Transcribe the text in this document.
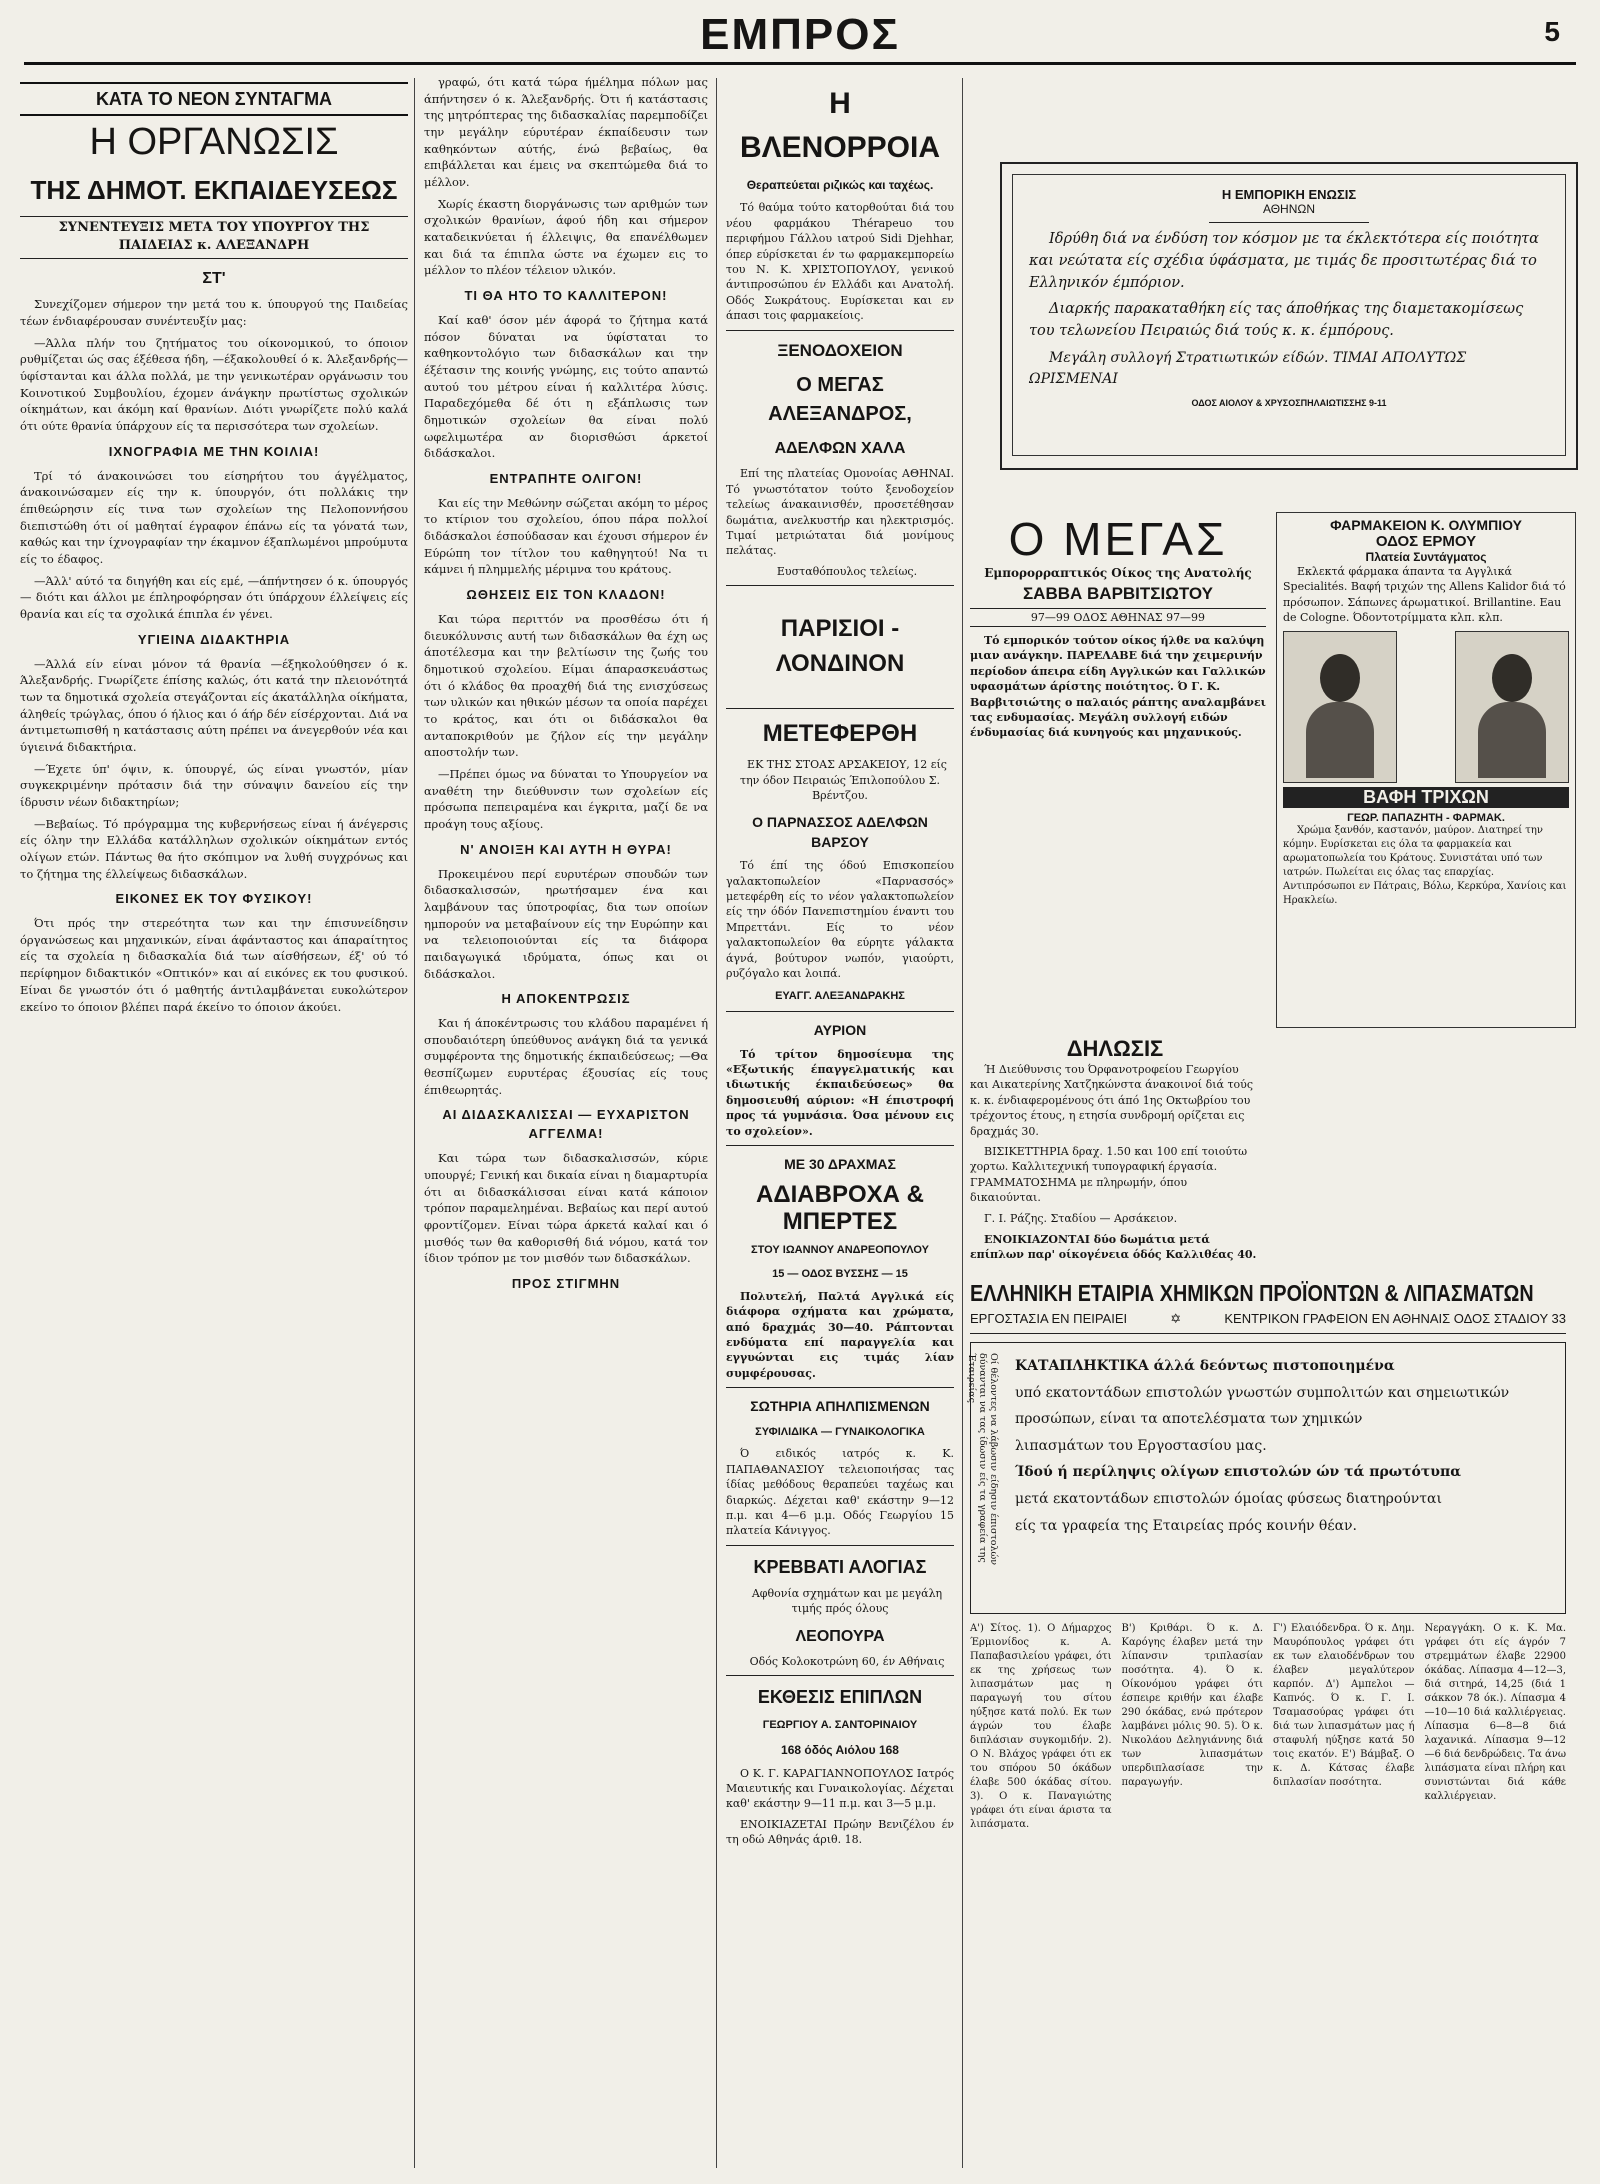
ΕΜΠΡΟΣ	5
ΚΑΤΑ ΤΟ ΝΕΟΝ ΣΥΝΤΑΓΜΑ
Η ΟΡΓΑΝΩΣΙΣ
ΤΗΣ ΔΗΜΟΤ. ΕΚΠΑΙΔΕΥΣΕΩΣ
ΣΥΝΕΝΤΕΥΞΙΣ ΜΕΤΑ ΤΟΥ ΥΠΟΥΡΓΟΥ ΤΗΣ ΠΑΙΔΕΙΑΣ κ. ΑΛΕΞΑΝΔΡΗ
ΣΤ'

Συνεχίζομεν σήμερον την μετά του κ. ύπουργού της Παιδείας τέων ένδιαφέρουσαν συνέντευξίν μας:

—Άλλα πλήν του ζητήματος του οίκονομικού, το όποιον ρυθμίζεται ώς σας έξέθεσα ήδη, —έξακολουθεί ό κ. Άλεξανδρής— ύφίστανται και άλλα πολλά, με την γενικωτέραν οργάνωσιν του Κοινοτικού Συμβουλίου, έχομεν άνάγκην πρωτίστως σχολικών οίκημάτων, και άκόμη καί θρανίων. Διότι γνωρίζετε πολύ καλά ότι ούτε θρανία ύπάρχουν είς τα περισσότερα των σχολείων.

ΙΧΝΟΓΡΑΦΙΑ ΜΕ ΤΗΝ ΚΟΙΛΙΑ!

Τρί τό άνακοινώσει του είσηρήτου του άγγέλματος, άνακοινώσαμεν είς την κ. ύπουργόν, ότι πολλάκις την έπιθεώρησιν είς τινα των σχολείων της Πελοποννήσου διεπιστώθη ότι οί μαθηταί έγραφον έπάνω είς τα γόνατά των, καθώς και την ίχνογραφίαν την έκαμνον έξαπλωμένοι μπρούμυτα είς το έδαφος.

—Άλλ' αύτό τα διηγήθη και είς εμέ, —άπήντησεν ό κ. ύπουργός— διότι και άλλοι με έπληροφόρησαν ότι ύπάρχουν έλλείψεις είς θρανία και είς τα σχολικά έπιπλα έν γένει.

ΥΓΙΕΙΝΑ ΔΙΔΑΚΤΗΡΙΑ

—Άλλά είν είναι μόνον τά θρανία —έξηκολούθησεν ό κ. Άλεξανδρής. Γνωρίζετε έπίσης καλώς, ότι κατά την πλειονότητά των τα δημοτικά σχολεία στεγάζονται είς άκατάλληλα οίκήματα, άληθείς τρώγλας, όπου ό ήλιος και ό άήρ δέν είσέρχονται. Διά να άντιμετωπισθή η κατάστασις αύτη πρέπει να άνεγερθούν νέα και ύγιεινά διδακτήρια.

—Έχετε ύπ' όψιν, κ. ύπουργέ, ώς είναι γνωστόν, μίαν συγκεκριμένην πρότασιν διά την σύναψιν δανείου είς την ίδρυσιν νέων διδακτηρίων;

—Βεβαίως. Τό πρόγραμμα της κυβερνήσεως είναι ή άνέγερσις είς όλην την Ελλάδα κατάλληλων σχολικών οίκημάτων εντός ολίγων ετών. Πάντως θα ήτο σκόπιμον να λυθή συγχρόνως και το ζήτημα της έλλείψεως διδασκάλων.

ΕΙΚΟΝΕΣ ΕΚ ΤΟΥ ΦΥΣΙΚΟΥ!

Ότι πρός την στερεότητα των και την έπισυνείδησιν όργανώσεως και μηχανικών, είναι άφάνταστος και άπαραίτητος είς τα σχολεία η διδασκαλία διά των αίσθήσεων, έξ' ού τό περίφημον διδακτικόν «Οπτικόν» και αί εικόνες εκ του φυσικού. Είναι δε γνωστόν ότι ό μαθητής άντιλαμβάνεται ευκολώτερον εκείνο το όποιον βλέπει παρά έκείνο το όποιον άκούει.

γραφώ, ότι κατά τώρα ήμέλημα πόλων μας άπήντησεν ό κ. Άλεξανδρής. Ότι ή κατάστασις της μητρόπτερας της διδασκαλίας παρεμποδίζει την μεγάλην εύρυτέραν έκπαίδευσιν των καθηκόντων αύτής, ένώ βεβαίως, θα επιβάλλεται και έμεις να σκεπτώμεθα διά το μέλλον.

Χωρίς έκαστη διοργάνωσις των αριθμών των σχολικών θρανίων, άφού ήδη και σήμερον καταδεικνύεται ή έλλειψις, θα επανέλθωμεν και διά τα έπιπλα ώστε να έχωμεν εις το μέλλον το πλέον τέλειον υλικόν.

ΤΙ ΘΑ ΗΤΟ ΤΟ ΚΑΛΛΙΤΕΡΟΝ!

Καί καθ' όσον μέν άφορά το ζήτημα κατά πόσον δύναται να ύφίσταται το καθηκοντολόγιο των διδασκάλων και την έξέτασιν της κοινής γνώμης, εις τούτο απαντώ αυτού του μέτρου είναι ή καλλιτέρα λύσις. Παραδεχόμεθα δέ ότι η εξάπλωσις των δημοτικών σχολείων θα είναι πολύ ωφελιμωτέρα αν διορισθώσι άρκετοί διδάσκαλοι.

ΕΝΤΡΑΠΗΤΕ ΟΛΙΓΟΝ!

Και είς την Μεθώνην σώζεται ακόμη το μέρος το κτίριον του σχολείου, όπου πάρα πολλοί διδάσκαλοι έσπούδασαν και έχουσι σήμερον έν Εύρώπη τον τίτλον του καθηγητού! Να τι κάμνει ή πλημμελής μέριμνα του κράτους.

ΩΘΗΣΕΙΣ ΕΙΣ ΤΟΝ ΚΛΑΔΟΝ!

Και τώρα περιττόν να προσθέσω ότι ή διευκόλυνσις αυτή των διδασκάλων θα έχη ως άποτέλεσμα και την βελτίωσιν της ζωής του δημοτικού σχολείου. Είμαι άπαρασκευάστως ότι ό κλάδος θα προαχθή διά της ενισχύσεως των υλικών και ηθικών μέσων τα οποία παρέχει το κράτος, και ότι οι διδάσκαλοι θα ανταποκριθούν με ζήλον είς την μεγάλην αποστολήν των.

—Πρέπει όμως να δύναται το Υπουργείον να αναθέτη την διεύθυνσιν των σχολείων είς πρόσωπα πεπειραμένα και έγκριτα, μαζί δε να προάγη τους αξίους.

Ν' ΑΝΟΙΞΗ ΚΑΙ ΑΥΤΗ Η ΘΥΡΑ!

Προκειμένου περί ευρυτέρων σπουδών των διδασκαλισσών, ηρωτήσαμεν ένα και λαμβάνουν τας ύποτροφίας, δια των οποίων ημπορούν να μεταβαίνουν είς την Ευρώπην και να τελειοποιούνται είς τα διάφορα παιδαγωγικά ιδρύματα, όπως και οι διδάσκαλοι.

Η ΑΠΟΚΕΝΤΡΩΣΙΣ

Και ή άποκέντρωσις του κλάδου παραμένει ή σπουδαιότερη ύπεύθυνος ανάγκη διά τα γενικά συμφέροντα της δημοτικής έκπαιδεύσεως; —Θα θεσπίζωμεν ευρυτέρας έξουσίας είς τους έπιθεωρητάς.

ΑΙ ΔΙΔΑΣΚΑΛΙΣΣΑΙ — ΕΥΧΑΡΙΣΤΟΝ ΑΓΓΕΛΜΑ!

Και τώρα των διδασκαλισσών, κύριε υπουργέ; Γενική και δικαία είναι η διαμαρτυρία ότι αι διδασκάλισσαι είναι κατά κάποιον τρόπον παραμελημέναι. Βεβαίως και περί αυτού φροντίζομεν. Είναι τώρα άρκετά καλαί και ό μισθός των θα καθορισθή διά νόμου, κατά τον ίδιον τρόπον με τον μισθόν των διδασκάλων.

ΠΡΟΣ ΣΤΙΓΜΗΝ
Η ΒΛΕΝΟΡΡΟΙΑ
Θεραπεύεται ριζικώς και ταχέως.

Τό θαύμα τούτο κατορθούται διά του νέου φαρμάκου Thérapeuo του περιφήμου Γάλλου ιατρού Sidi Djehhar, όπερ εύρίσκεται έν τω φαρμακεμπορείω του Ν. Κ. ΧΡΙΣΤΟΠΟΥΛΟΥ, γενικού άντιπροσώπου έν Ελλάδι και Ανατολή. Οδός Σωκράτους. Ευρίσκεται και εν άπασι τοις φαρμακείοις.

ΞΕΝΟΔΟΧΕΙΟΝ
Ο ΜΕΓΑΣ ΑΛΕΞΑΝΔΡΟΣ,
ΑΔΕΛΦΩΝ ΧΑΛΑ

Επί της πλατείας Ομονοίας ΑΘΗΝΑΙ. Τό γνωστότατον τούτο ξενοδοχείον τελείως άνακαινισθέν, προσετέθησαν δωμάτια, ανελκυστήρ και ηλεκτρισμός. Τιμαί μετριώταται διά μονίμους πελάτας.

Ευσταθόπουλος τελείως.

ΠΑΡΙΣΙΟΙ - ΛΟΝΔΙΝΟΝ
ΜΕΤΕΦΕΡΘΗ

ΕΚ ΤΗΣ ΣΤΟΑΣ ΑΡΣΑΚΕΙΟΥ, 12 είς την όδον Πειραιώς Έπιλοπούλου Σ. Βρέντζου.

Ο ΠΑΡΝΑΣΣΟΣ ΑΔΕΛΦΩΝ ΒΑΡΣΟΥ

Τό έπί της όδού Επισκοπείου γαλακτοπωλείον «Παρνασσός» μετεφέρθη είς το νέον γαλακτοπωλείον είς την όδόν Πανεπιστημίου έναντι του Μπρεττάνι. Είς το νέον γαλακτοπωλείον θα εύρητε γάλακτα άγνά, βούτυρον νωπόν, γιαούρτι, ρυζόγαλο και λοιπά.

ΕΥΑΓΓ. ΑΛΕΞΑΝΔΡΑΚΗΣ
ΑΥΡΙΟΝ

Τό τρίτον δημοσίευμα της «Εξωτικής έπαγγελματικής και ιδιωτικής έκπαιδεύσεως» θα δημοσιευθή αύριον: «Η έπιστροφή προς τά γυμνάσια. Όσα μένουν εις το σχολείον».

ΜΕ 30 ΔΡΑΧΜΑΣ
ΑΔΙΑΒΡΟΧΑ & ΜΠΕΡΤΕΣ
ΣΤΟΥ ΙΩΑΝΝΟΥ ΑΝΔΡΕΟΠΟΥΛΟΥ
15 — ΟΔΟΣ ΒΥΣΣΗΣ — 15

Πολυτελή, Παλτά Αγγλικά είς διάφορα σχήματα και χρώματα, από δραχμάς 30—40. Ράπτονται ενδύματα επί παραγγελία και εγγυώνται εις τιμάς λίαν συμφέρουσας.

ΣΩΤΗΡΙΑ ΑΠΗΛΠΙΣΜΕΝΩΝ
ΣΥΦΙΛΙΔΙΚΑ — ΓΥΝΑΙΚΟΛΟΓΙΚΑ

Ό ειδικός ιατρός κ. Κ. ΠΑΠΑΘΑΝΑΣΙΟΥ τελειοποιήσας τας ίδίας μεθόδους θεραπεύει ταχέως και διαρκώς. Δέχεται καθ' εκάστην 9—12 π.μ. και 4—6 μ.μ. Οδός Γεωργίου 15 πλατεία Κάνιγγος.

ΚΡΕΒΒΑΤΙ ΑΛΟΓΙΑΣ

Αφθονία σχημάτων και με μεγάλη τιμής πρός όλους

ΛΕΟΠΟΥΡΑ

Οδός Κολοκοτρώνη 60, έν Αθήναις

ΕΚΘΕΣΙΣ ΕΠΙΠΛΩΝ
ΓΕΩΡΓΙΟΥ Α. ΣΑΝΤΟΡΙΝΑΙΟΥ
168 όδός Αιόλου 168

Ο Κ. Γ. ΚΑΡΑΓΙΑΝΝΟΠΟΥΛΟΣ Ιατρός Μαιευτικής και Γυναικολογίας. Δέχεται καθ' εκάστην 9—11 π.μ. και 3—5 μ.μ.

ΕΝΟΙΚΙΑΖΕΤΑΙ Πρώην Βενιζέλου έν τη οδώ Αθηνάς άριθ. 18.

Η ΕΜΠΟΡΙΚΗ ΕΝΩΣΙΣ
ΑΘΗΝΩΝ

Ιδρύθη διά να ένδύση τον κόσμον με τα έκλεκτότερα είς ποιότητα και νεώτατα είς σχέδια ύφάσματα, με τιμάς δε προσιτωτέρας διά το Ελληνικόν έμπόριον.

Διαρκής παρακαταθήκη είς τας άποθήκας της διαμετακομίσεως του τελωνείου Πειραιώς διά τούς κ. κ. έμπόρους.

Μεγάλη συλλογή Στρατιωτικών είδών. ΤΙΜΑΙ ΑΠΟΛΥΤΩΣ ΩΡΙΣΜΕΝΑΙ

ΟΔΟΣ ΑΙΟΛΟΥ & ΧΡΥΣΟΣΠΗΛΑΙΩΤΙΣΣΗΣ 9-11
Ο ΜΕΓΑΣ
Εμπορορραπτικός Οίκος της Ανατολής
ΣΑΒΒΑ ΒΑΡΒΙΤΣΙΩΤΟΥ
97—99 ΟΔΟΣ ΑΘΗΝΑΣ 97—99

Τό εμπορικόν τούτον οίκος ήλθε να καλύψη μιαν ανάγκην. ΠΑΡΕΛΑΒΕ διά την χειμερινήν περίοδον άπειρα είδη Αγγλικών και Γαλλικών υφασμάτων άρίστης ποιότητος. Ό Γ. Κ. Βαρβιτσιώτης ο παλαιός ράπτης αναλαμβάνει τας ενδυμασίας. Μεγάλη συλλογή ειδών ένδυμασίας διά κυνηγούς και μηχανικούς.

ΦΑΡΜΑΚΕΙΟΝ Κ. ΟΛΥΜΠΙΟΥ
ΟΔΟΣ ΕΡΜΟΥ
Πλατεία Συντάγματος

Εκλεκτά φάρμακα άπαντα τα Αγγλικά Specialités. Βαφή τριχών της Allens Kalidor διά τό πρόσωπον. Σάπωνες άρωματικοί. Brillantine. Eau de Cologne. Όδοντοτρίμματα κλπ. κλπ.

ΒΑΦΗ ΤΡΙΧΩΝ
ΓΕΩΡ. ΠΑΠΑΖΗΤΗ - ΦΑΡΜΑΚ.

Χρώμα ξανθόν, καστανόν, μαύρον. Διατηρεί την κόμην. Ευρίσκεται εις όλα τα φαρμακεία και αρωματοπωλεία του Κράτους. Συνιστάται υπό των ιατρών. Πωλείται εις όλας τας επαρχίας. Αντιπρόσωποι εν Πάτραις, Βόλω, Κερκύρα, Χανίοις και Ηρακλείω.

ΔΗΛΩΣΙΣ

Ή Διεύθυνσις του Όρφανοτροφείου Γεωργίου και Αικατερίνης Χατζηκώνστα άνακοινοί διά τούς κ. κ. ένδιαφερομένους ότι άπό 1ης Οκτωβρίου του τρέχοντος έτους, η ετησία συνδρομή ορίζεται εις δραχμάς 30.

ΒΙΣΙΚΕΤΤΗΡΙΑ δραχ. 1.50 και 100 επί τοιούτω χορτω. Καλλιτεχνική τυπογραφική έργασία. ΓΡΑΜΜΑΤΟΣΗΜΑ με πληρωμήν, όπου δικαιούνται.

Γ. Ι. Ράζης. Σταδίου — Αρσάκειον.

ΕΝΟΙΚΙΑΖΟΝΤΑΙ δύο δωμάτια μετά επίπλων παρ' οίκογένεια όδός Καλλιθέας 40.

ΕΛΛΗΝΙΚΗ ΕΤΑΙΡΙΑ ΧΗΜΙΚΩΝ ΠΡΟΪΟΝΤΩΝ & ΛΙΠΑΣΜΑΤΩΝ
ΕΡΓΟΣΤΑΣΙΑ ΕΝ ΠΕΙΡΑΙΕΙ	✡	ΚΕΝΤΡΙΚΟΝ ΓΡΑΦΕΙΟΝ ΕΝ ΑΘΗΝΑΙΣ ΟΔΟΣ ΣΤΑΔΙΟΥ 33
Οί θέλοντες να λάβωσιν είδησιν έπιστολών δύνανται να τας ίδωσιν είς τα γραφεία της Έταιρείας	ΚΑΤΑΠΛΗΚΤΙΚΑ άλλά δεόντως πιστοποιημένα
υπό εκατοντάδων επιστολών γνωστών συμπολιτών και σημειωτικών προσώπων, είναι τα αποτελέσματα των χημικών
λιπασμάτων του Εργοστασίου μας.
Ίδού ή περίληψις ολίγων επιστολών ών τά πρωτότυπα
μετά εκατοντάδων επιστολών όμοίας φύσεως διατηρούνται
είς τα γραφεία της Εταιρείας πρός κοινήν θέαν.
Α') Σίτος. 1). Ο Δήμαρχος Έρμιονίδος κ. Α. Παπαβασιλείου γράφει, ότι εκ της χρήσεως των λιπασμάτων μας η παραγωγή του σίτου ηύξησε κατά πολύ. Εκ των άγρών του έλαβε διπλάσιαν συγκομιδήν. 2). Ο Ν. Βλάχος γράφει ότι εκ του σπόρου 50 όκάδων έλαβε 500 όκάδας σίτου. 3). Ο κ. Παναγιώτης γράφει ότι είναι άριστα τα λιπάσματα.
Β') Κριθάρι. Ό κ. Δ. Καρόγης έλαβεν μετά την λίπανσιν τριπλασίαν ποσότητα. 4). Ό κ. Οίκονόμου γράφει ότι έσπειρε κριθήν και έλαβε 290 όκάδας, ενώ πρότερον λαμβάνει μόλις 90. 5). Ό κ. Νικολάου Δεληγιάννης διά των λιπασμάτων υπερδιπλασίασε την παραγωγήν.
Γ') Ελαιόδενδρα. Ό κ. Δημ. Μαυρόπουλος γράφει ότι εκ των ελαιοδένδρων του έλαβεν μεγαλύτερον καρπόν. Δ') Αμπελοι — Καπνός. Ό κ. Γ. Ι. Τσαμασούρας γράφει ότι διά των λιπασμάτων μας ή σταφυλή ηύξησε κατά 50 τοις εκατόν. Ε') Βάμβαξ. Ο κ. Δ. Κάτσας έλαβε διπλασίαν ποσότητα.
Νεραγγάκη. Ο κ. Κ. Μα. γράφει ότι είς άγρόν 7 στρεμμάτων έλαβε 22900 όκάδας. Λίπασμα 4—12—3, διά σιτηρά, 14,25 (διά 1 σάκκον 78 όκ.). Λίπασμα 4—10—10 διά καλλιέργειας. Λίπασμα 6—8—8 διά λαχανικά. Λίπασμα 9—12—6 διά δενδρώδεις. Τα άνω λιπάσματα είναι πλήρη και συνιστώνται διά κάθε καλλιέργειαν.
